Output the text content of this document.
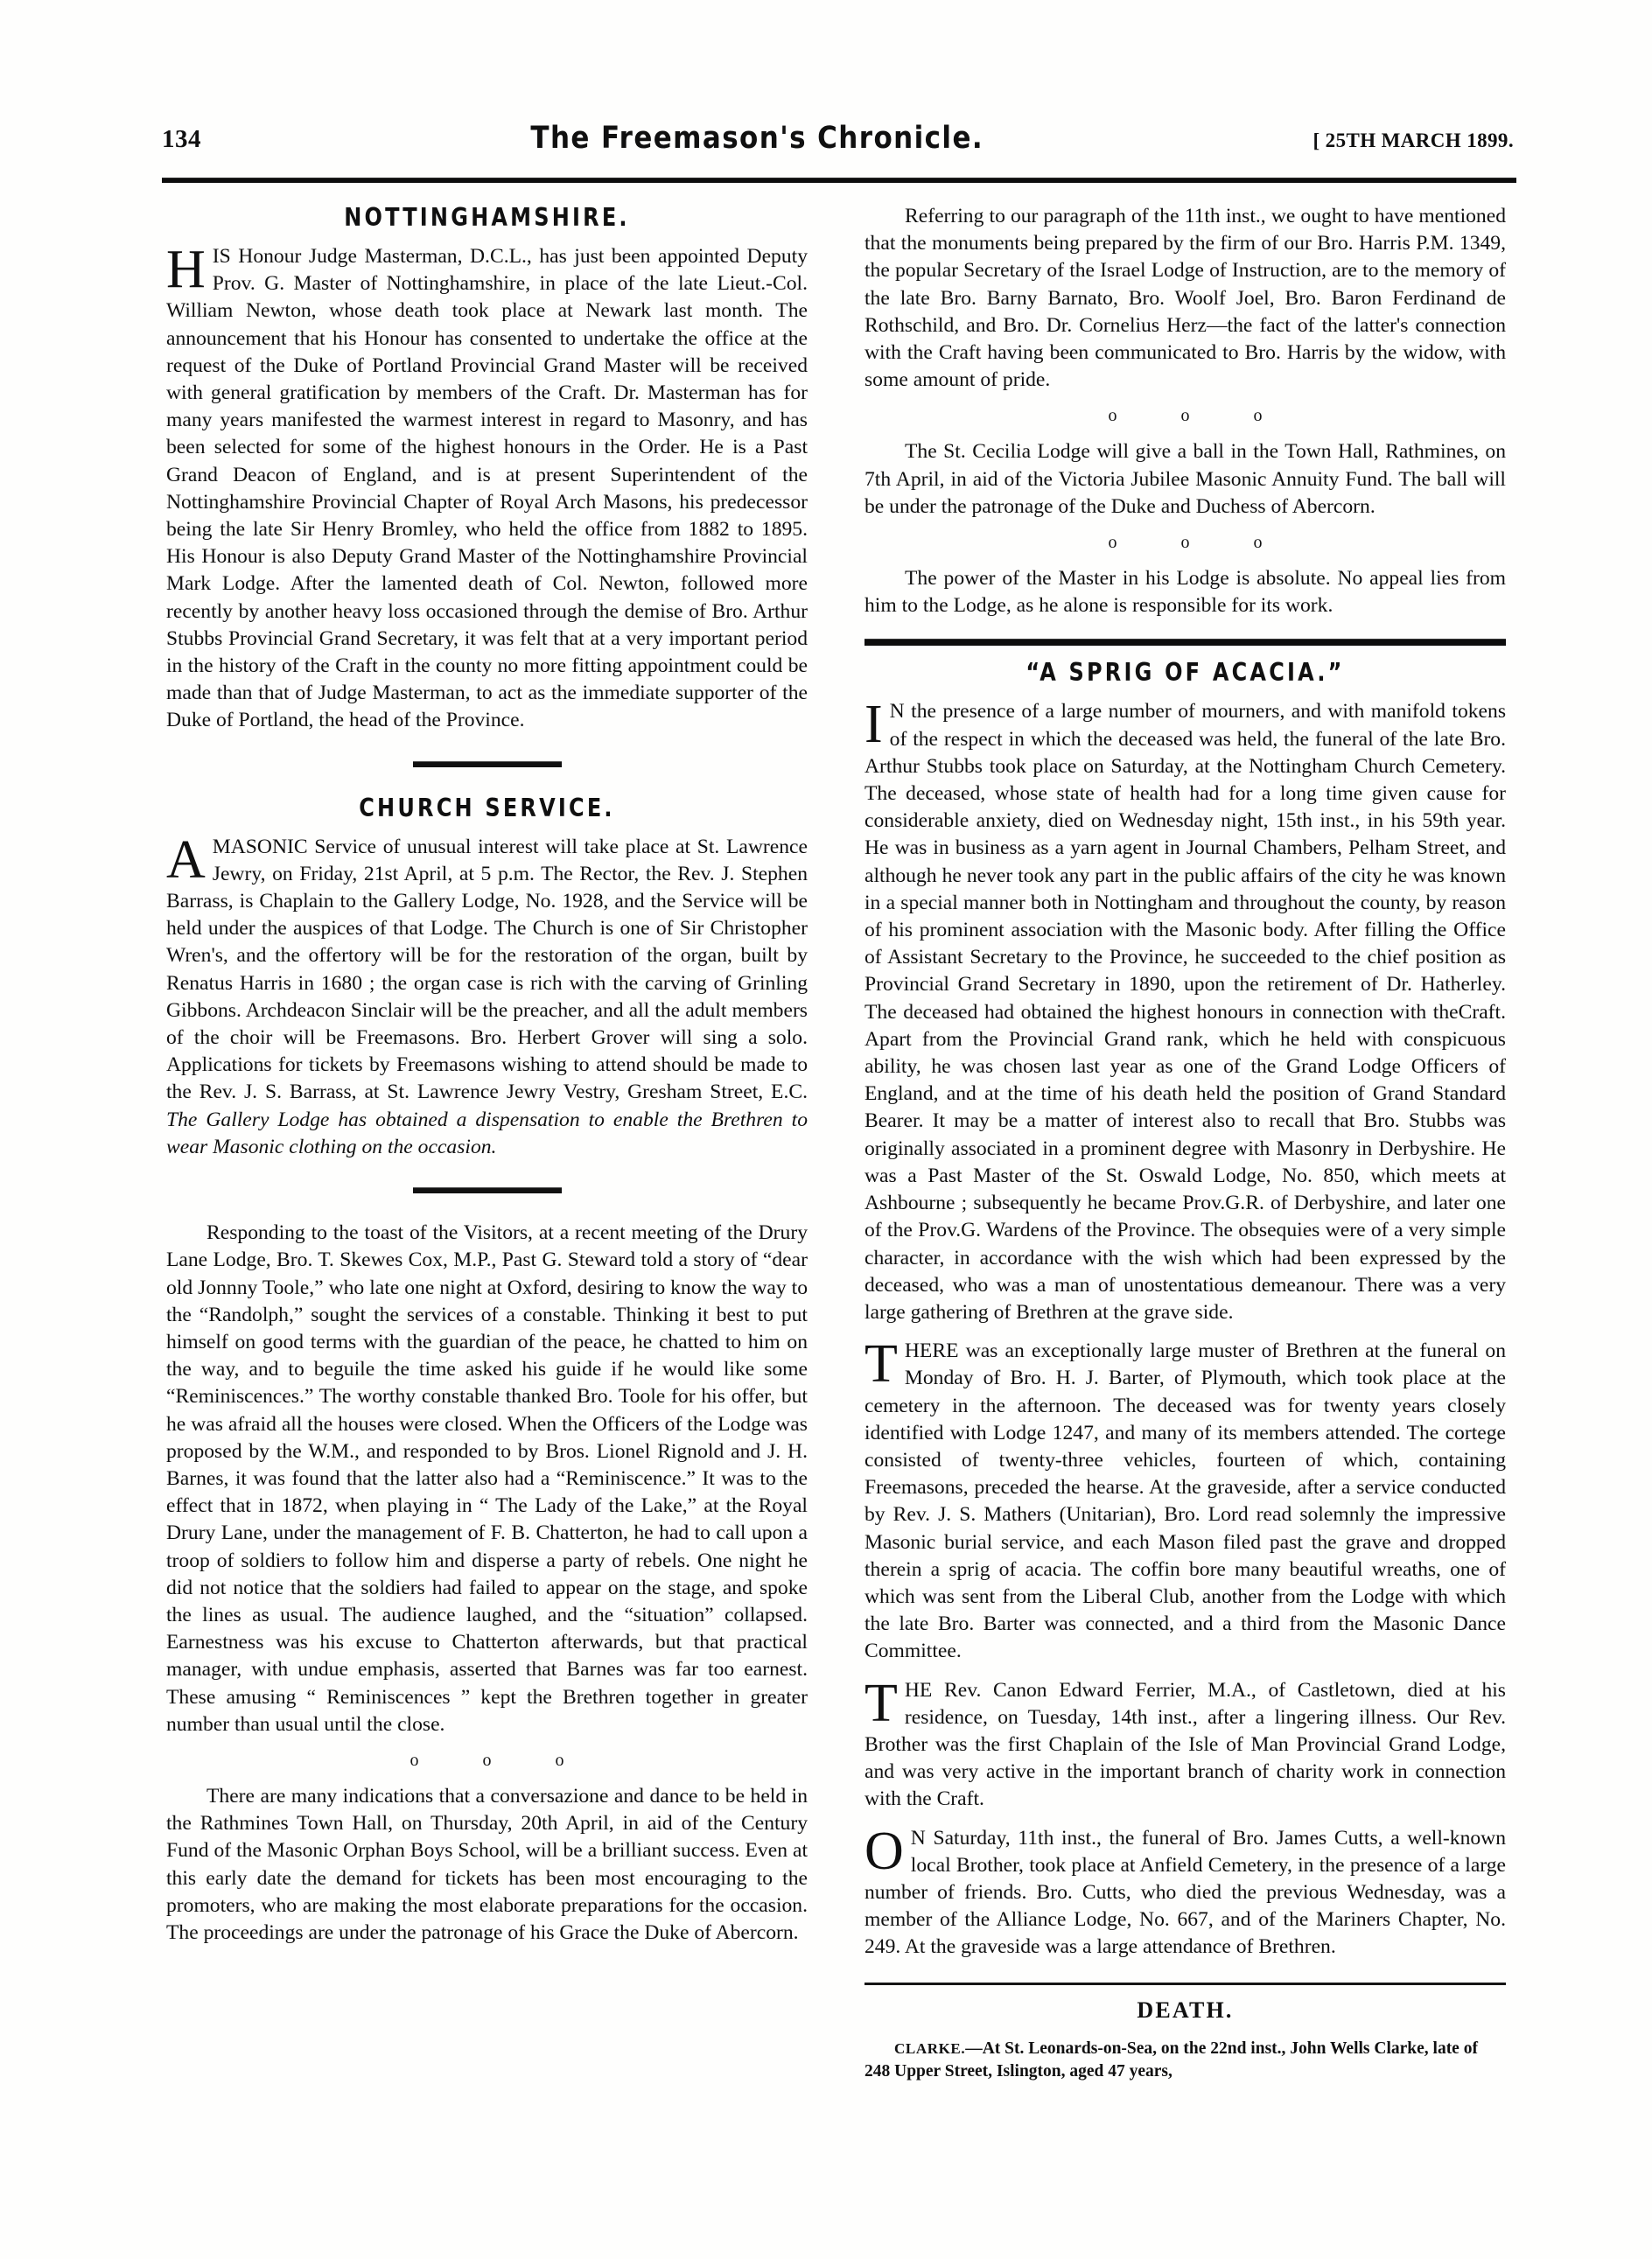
134	The Freemason's Chronicle.	[ 25TH MARCH 1899.
NOTTINGHAMSHIRE.

HIS Honour Judge Masterman, D.C.L., has just been appointed Deputy Prov. G. Master of Nottinghamshire, in place of the late Lieut.-Col. William Newton, whose death took place at Newark last month. The announcement that his Honour has consented to undertake the office at the request of the Duke of Portland Provincial Grand Master will be received with general gratification by members of the Craft. Dr. Masterman has for many years manifested the warmest interest in regard to Masonry, and has been selected for some of the highest honours in the Order. He is a Past Grand Deacon of England, and is at present Superintendent of the Nottinghamshire Provincial Chapter of Royal Arch Masons, his predecessor being the late Sir Henry Bromley, who held the office from 1882 to 1895. His Honour is also Deputy Grand Master of the Nottinghamshire Provincial Mark Lodge. After the lamented death of Col. Newton, followed more recently by another heavy loss occasioned through the demise of Bro. Arthur Stubbs Provincial Grand Secretary, it was felt that at a very important period in the history of the Craft in the county no more fitting appointment could be made than that of Judge Masterman, to act as the immediate supporter of the Duke of Portland, the head of the Province.

CHURCH SERVICE.

AMASONIC Service of unusual interest will take place at St. Lawrence Jewry, on Friday, 21st April, at 5 p.m. The Rector, the Rev. J. Stephen Barrass, is Chaplain to the Gallery Lodge, No. 1928, and the Service will be held under the auspices of that Lodge. The Church is one of Sir Christopher Wren's, and the offertory will be for the restoration of the organ, built by Renatus Harris in 1680 ; the organ case is rich with the carving of Grinling Gibbons. Archdeacon Sinclair will be the preacher, and all the adult members of the choir will be Freemasons. Bro. Herbert Grover will sing a solo. Applications for tickets by Freemasons wishing to attend should be made to the Rev. J. S. Barrass, at St. Lawrence Jewry Vestry, Gresham Street, E.C. The Gallery Lodge has obtained a dispensation to enable the Brethren to wear Masonic clothing on the occasion.

Responding to the toast of the Visitors, at a recent meeting of the Drury Lane Lodge, Bro. T. Skewes Cox, M.P., Past G. Steward told a story of “dear old Jonnny Toole,” who late one night at Oxford, desiring to know the way to the “Randolph,” sought the services of a constable. Thinking it best to put himself on good terms with the guardian of the peace, he chatted to him on the way, and to beguile the time asked his guide if he would like some “Reminiscences.” The worthy constable thanked Bro. Toole for his offer, but he was afraid all the houses were closed. When the Officers of the Lodge was proposed by the W.M., and responded to by Bros. Lionel Rignold and J. H. Barnes, it was found that the latter also had a “Reminiscence.” It was to the effect that in 1872, when playing in “ The Lady of the Lake,” at the Royal Drury Lane, under the management of F. B. Chatterton, he had to call upon a troop of soldiers to follow him and disperse a party of rebels. One night he did not notice that the soldiers had failed to appear on the stage, and spoke the lines as usual. The audience laughed, and the “situation” collapsed. Earnestness was his excuse to Chatterton afterwards, but that practical manager, with undue emphasis, asserted that Barnes was far too earnest. These amusing “ Reminiscences ” kept the Brethren together in greater number than usual until the close.

o o o

There are many indications that a conversazione and dance to be held in the Rathmines Town Hall, on Thursday, 20th April, in aid of the Century Fund of the Masonic Orphan Boys School, will be a brilliant success. Even at this early date the demand for tickets has been most encouraging to the promoters, who are making the most elaborate preparations for the occasion. The proceedings are under the patronage of his Grace the Duke of Abercorn.

Referring to our paragraph of the 11th inst., we ought to have mentioned that the monuments being prepared by the firm of our Bro. Harris P.M. 1349, the popular Secretary of the Israel Lodge of Instruction, are to the memory of the late Bro. Barny Barnato, Bro. Woolf Joel, Bro. Baron Ferdinand de Rothschild, and Bro. Dr. Cornelius Herz—the fact of the latter's connection with the Craft having been communicated to Bro. Harris by the widow, with some amount of pride.

o o o

The St. Cecilia Lodge will give a ball in the Town Hall, Rathmines, on 7th April, in aid of the Victoria Jubilee Masonic Annuity Fund. The ball will be under the patronage of the Duke and Duchess of Abercorn.

o o o

The power of the Master in his Lodge is absolute. No appeal lies from him to the Lodge, as he alone is responsible for its work.

“A SPRIG OF ACACIA.”

I N the presence of a large number of mourners, and with manifold tokens of the respect in which the deceased was held, the funeral of the late Bro. Arthur Stubbs took place on Saturday, at the Nottingham Church Cemetery. The deceased, whose state of health had for a long time given cause for considerable anxiety, died on Wednesday night, 15th inst., in his 59th year. He was in business as a yarn agent in Journal Chambers, Pelham Street, and although he never took any part in the public affairs of the city he was known in a special manner both in Nottingham and throughout the county, by reason of his prominent association with the Masonic body. After filling the Office of Assistant Secretary to the Province, he succeeded to the chief position as Provincial Grand Secretary in 1890, upon the retirement of Dr. Hatherley. The deceased had obtained the highest honours in connection with theCraft. Apart from the Provincial Grand rank, which he held with conspicuous ability, he was chosen last year as one of the Grand Lodge Officers of England, and at the time of his death held the position of Grand Standard Bearer. It may be a matter of interest also to recall that Bro. Stubbs was originally associated in a prominent degree with Masonry in Derbyshire. He was a Past Master of the St. Oswald Lodge, No. 850, which meets at Ashbourne ; subsequently he became Prov.G.R. of Derbyshire, and later one of the Prov.G. Wardens of the Province. The obsequies were of a very simple character, in accordance with the wish which had been expressed by the deceased, who was a man of unostentatious demeanour. There was a very large gathering of Brethren at the grave side.

THERE was an exceptionally large muster of Brethren at the funeral on Monday of Bro. H. J. Barter, of Plymouth, which took place at the cemetery in the afternoon. The deceased was for twenty years closely identified with Lodge 1247, and many of its members attended. The cortege consisted of twenty-three vehicles, fourteen of which, containing Freemasons, preceded the hearse. At the graveside, after a service conducted by Rev. J. S. Mathers (Unitarian), Bro. Lord read solemnly the impressive Masonic burial service, and each Mason filed past the grave and dropped therein a sprig of acacia. The coffin bore many beautiful wreaths, one of which was sent from the Liberal Club, another from the Lodge with which the late Bro. Barter was connected, and a third from the Masonic Dance Committee.

THE Rev. Canon Edward Ferrier, M.A., of Castletown, died at his residence, on Tuesday, 14th inst., after a lingering illness. Our Rev. Brother was the first Chaplain of the Isle of Man Provincial Grand Lodge, and was very active in the important branch of charity work in connection with the Craft.

O N Saturday, 11th inst., the funeral of Bro. James Cutts, a well-known local Brother, took place at Anfield Cemetery, in the presence of a large number of friends. Bro. Cutts, who died the previous Wednesday, was a member of the Alliance Lodge, No. 667, and of the Mariners Chapter, No. 249. At the graveside was a large attendance of Brethren.

DEATH.

CLARKE.—At St. Leonards-on-Sea, on the 22nd inst., John Wells Clarke, late of 248 Upper Street, Islington, aged 47 years,
